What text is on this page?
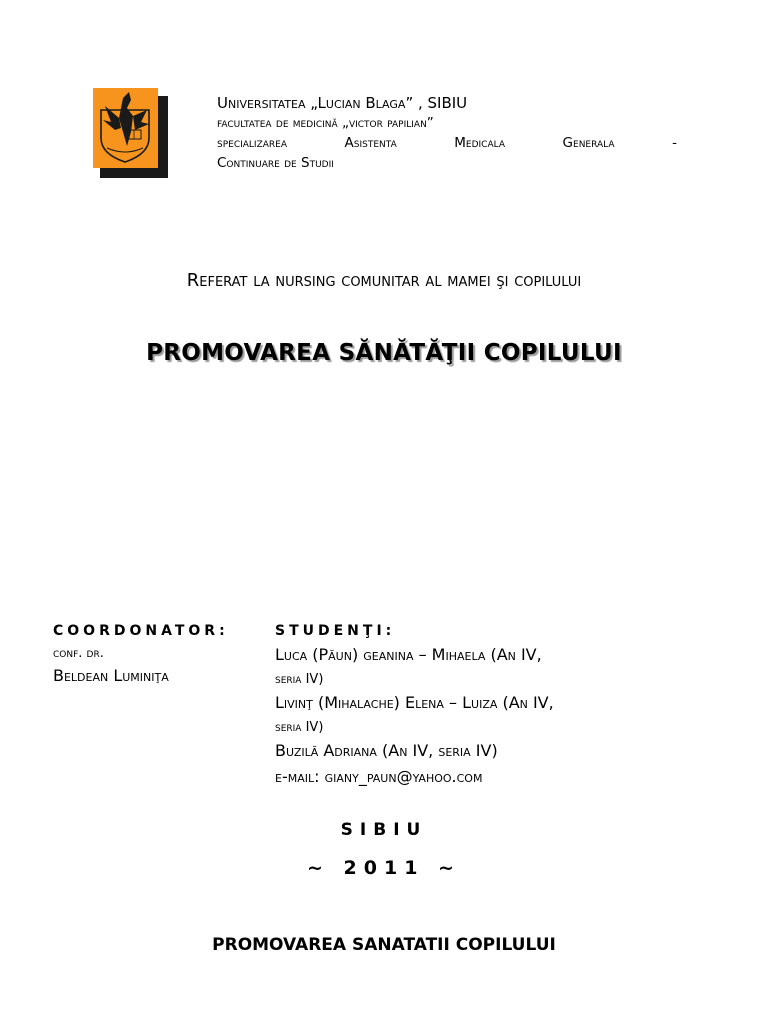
Universitatea „Lucian Blaga” , SIBIU
facultatea de medicină „victor papilian”
specializarea	Asistenta	Medicala	Generala	-
Continuare de Studii
Referat la nursing comunitar al mamei şi copilului
PROMOVAREA SĂNĂTĂŢII COPILULUI
COORDONATOR:
conf. dr.
Beldean Luminiţa
STUDENŢI:
Luca (Păun) geanina – Mihaela (An IV,
seria IV)
Livinţ (Mihalache) Elena – Luiza (An IV,
seria IV)
Buzilă Adriana (An IV, seria IV)
e-mail: giany_paun@yahoo.com
SIBIU
~ 2011 ~
PROMOVAREA SANATATII COPILULUI
